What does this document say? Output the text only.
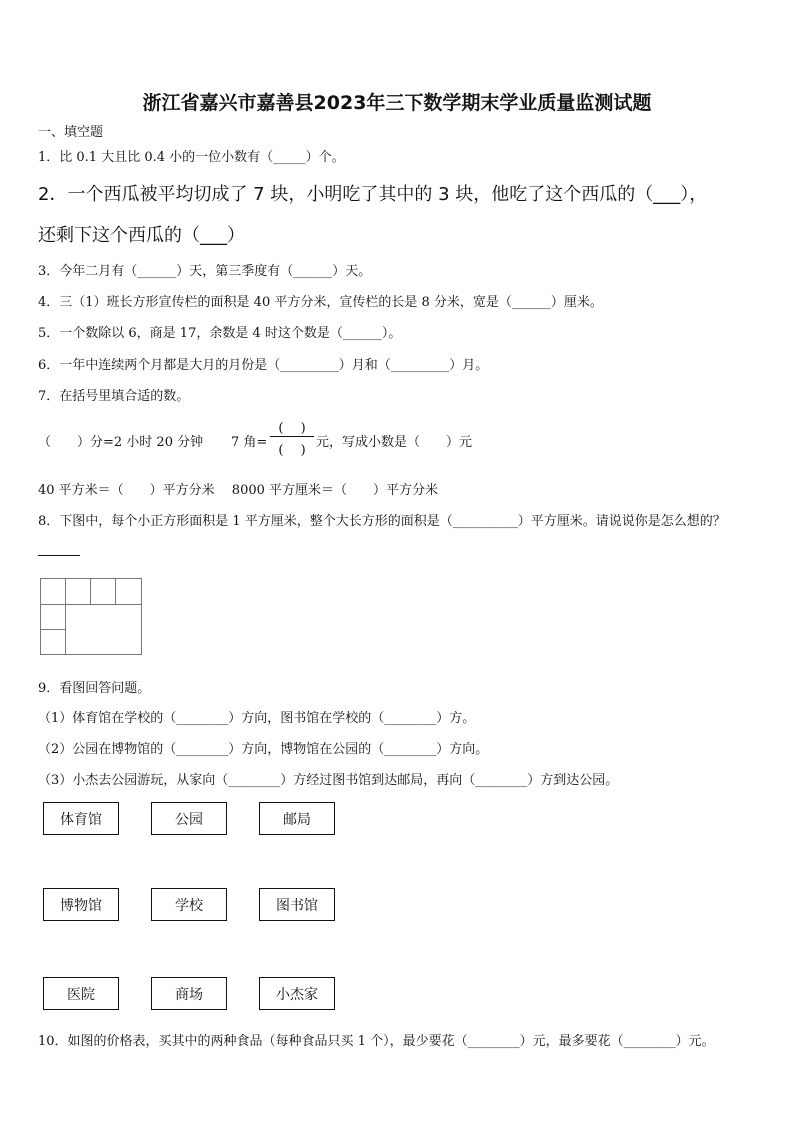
浙江省嘉兴市嘉善县2023年三下数学期末学业质量监测试题
一、填空题
1．比 0.1 大且比 0.4 小的一位小数有（_____）个。
2．一个西瓜被平均切成了 7 块，小明吃了其中的 3 块，他吃了这个西瓜的（___），
还剩下这个西瓜的（___）
3．今年二月有（______）天，第三季度有（______）天。
4．三（1）班长方形宣传栏的面积是 40 平方分米，宣传栏的长是 8 分米，宽是（______）厘米。
5．一个数除以 6，商是 17，余数是 4 时这个数是（______）。
6．一年中连续两个月都是大月的月份是（_________）月和（_________）月。
7．在括号里填合适的数。
（　　）分=2 小时 20 分钟 7 角=
(　 )
(　 )
元，写成小数是（　　）元
40 平方米＝（　　）平方分米　 8000 平方厘米＝（　　）平方分米
8．下图中，每个小正方形面积是 1 平方厘米，整个大长方形的面积是（__________）平方厘米。请说说你是怎么想的？
9．看图回答问题。
（1）体育馆在学校的（________）方向，图书馆在学校的（________）方。
（2）公园在博物馆的（________）方向，博物馆在公园的（________）方向。
（3）小杰去公园游玩，从家向（________）方经过图书馆到达邮局，再向（________）方到达公园。
体育馆	公园	邮局
博物馆	学校	图书馆
医院	商场	小杰家
10．如图的价格表，买其中的两种食品（每种食品只买 1 个），最少要花（________）元，最多要花（________）元。
